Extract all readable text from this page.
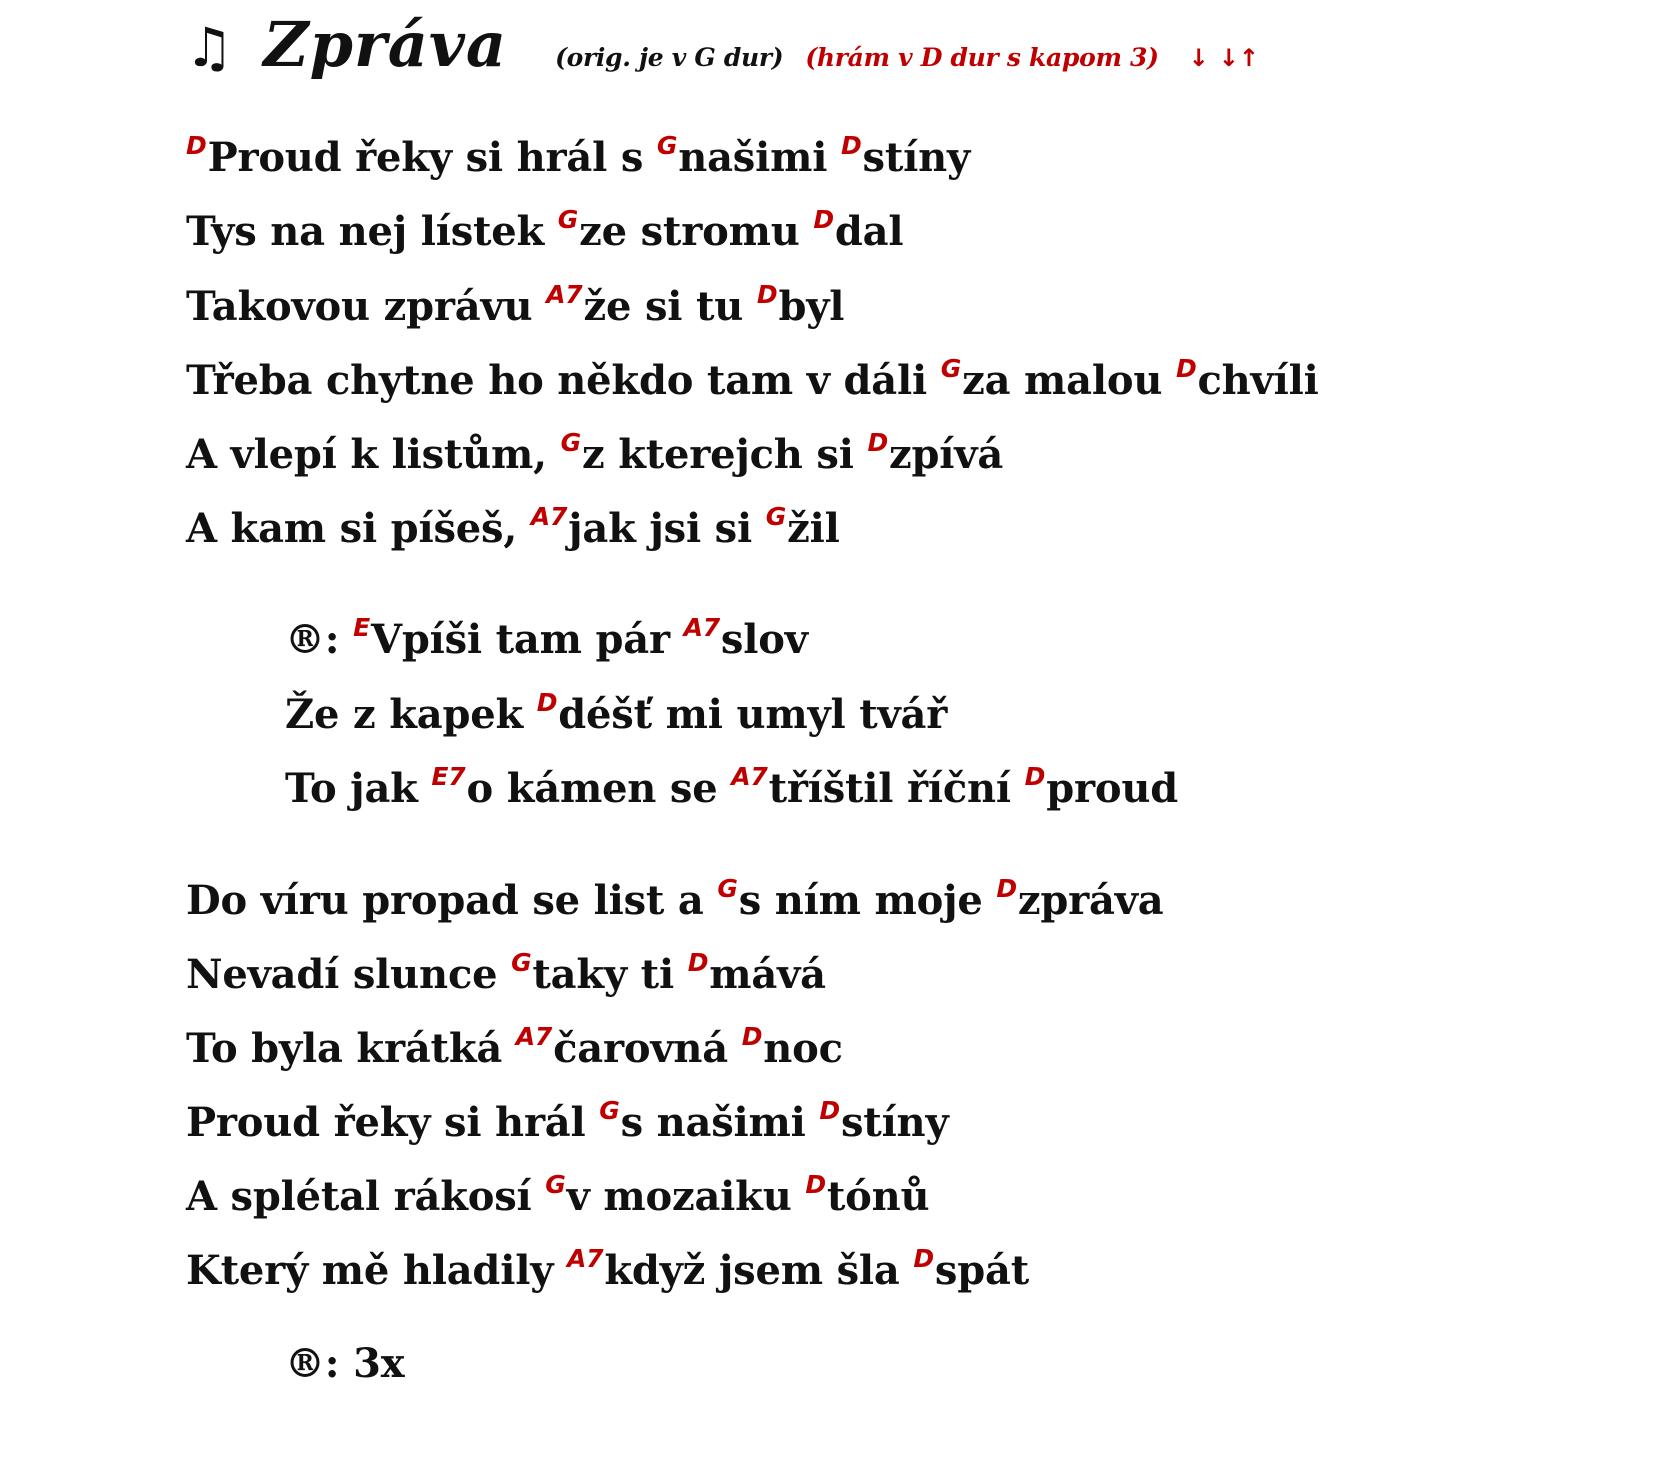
♫ Zpráva (orig. je v G dur) (hrám v D dur s kapom 3) ↓ ↓↑
$^D$Proud řeky si hrál s $^G$našimi $^D$stíny
Tys na nej lístek $^G$ze stromu $^D$dal
Takovou zprávu $^{A7}$že si tu $^D$byl
Třeba chytne ho někdo tam v dáli $^G$za malou $^D$chvíli
A vlepí k listům, $^G$z kterejch si $^D$zpívá
A kam si píšeš, $^{A7}$jak jsi si $^G$žil
®: $^E$Vpíši tam pár $^{A7}$slov
Že z kapek $^D$déšť mi umyl tvář
To jak $^{E7}$o kámen se $^{A7}$tříštil říční $^D$proud
Do víru propad se list a $^G$s ním moje $^D$zpráva
Nevadí slunce $^G$taky ti $^D$mává
To byla krátká $^{A7}$čarovná $^D$noc
Proud řeky si hrál $^G$s našimi $^D$stíny
A splétal rákosí $^G$v mozaiku $^D$tónů
Který mě hladily $^{A7}$když jsem šla $^D$spát
®: 3x
